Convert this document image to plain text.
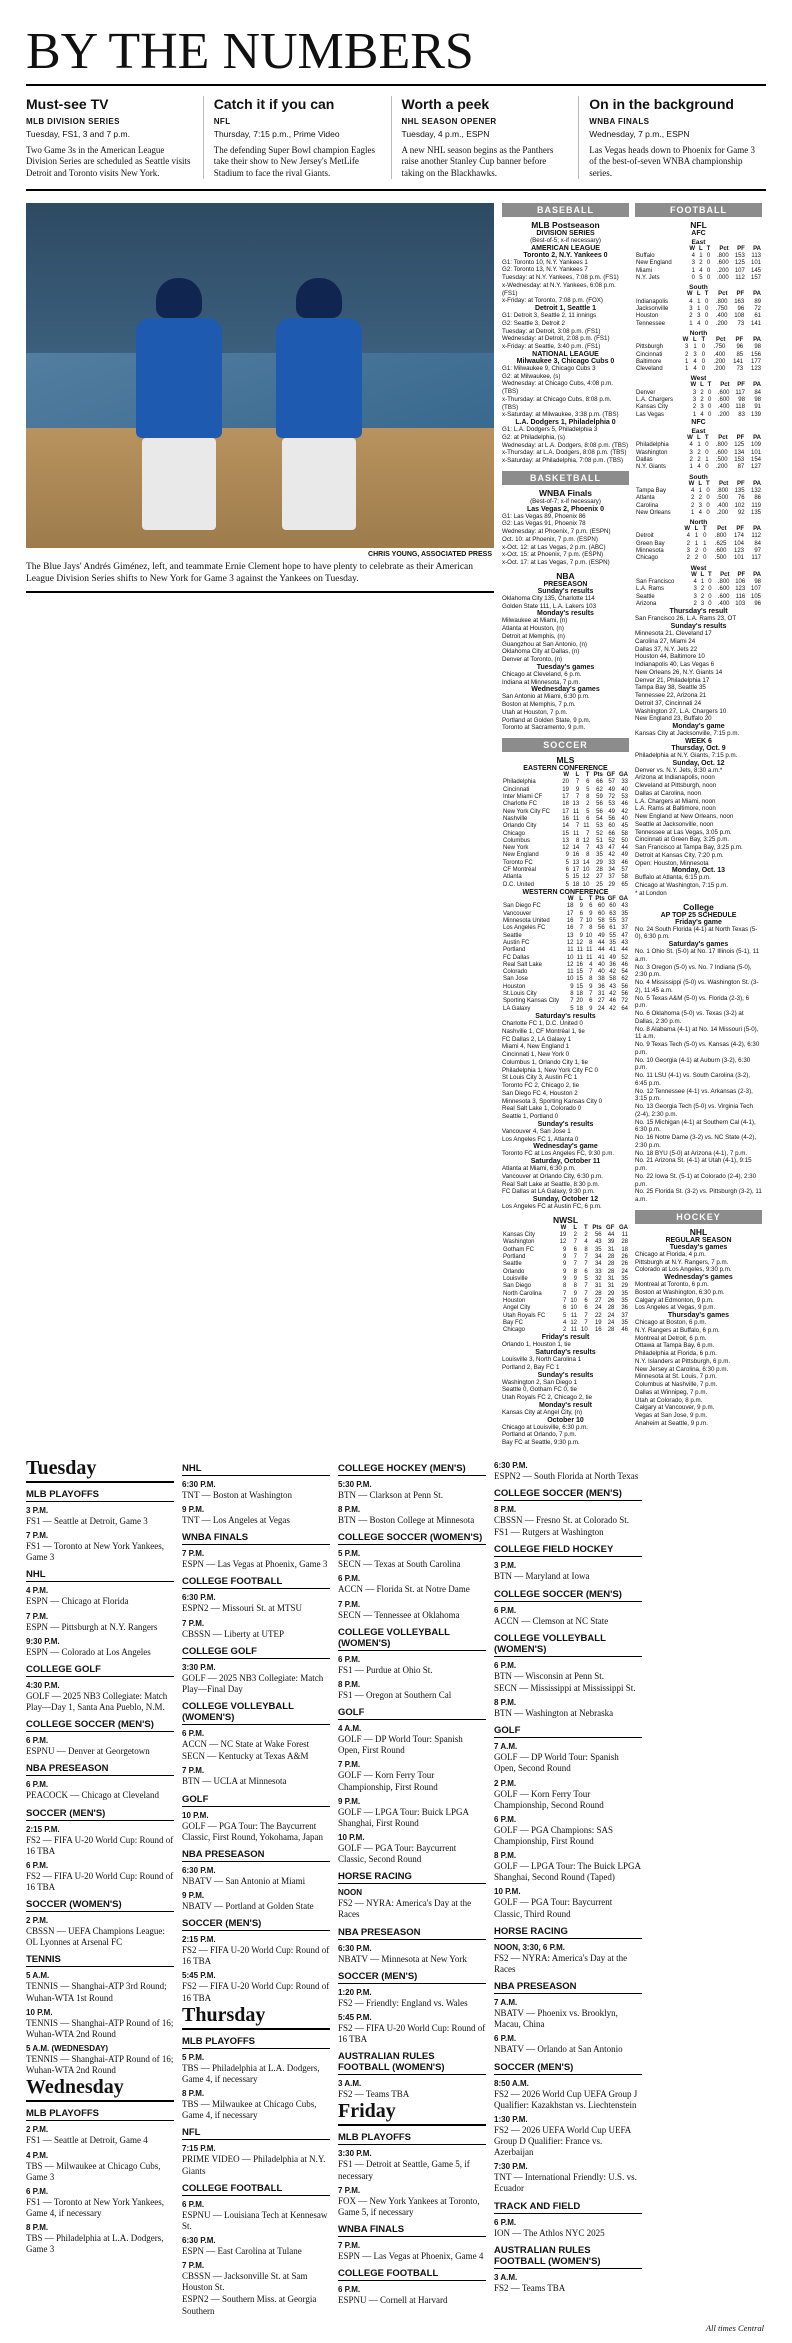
BY THE NUMBERS
Must-see TV
MLB DIVISION SERIES
Tuesday, FS1, 3 and 7 p.m.
Two Game 3s in the American League Division Series are scheduled as Seattle visits Detroit and Toronto visits New York.
Catch it if you can
NFL
Thursday, 7:15 p.m., Prime Video
The defending Super Bowl champion Eagles take their show to New Jersey's MetLife Stadium to face the rival Giants.
Worth a peek
NHL SEASON OPENER
Tuesday, 4 p.m., ESPN
A new NHL season begins as the Panthers raise another Stanley Cup banner before taking on the Blackhawks.
On in the background
WNBA FINALS
Wednesday, 7 p.m., ESPN
Las Vegas heads down to Phoenix for Game 3 of the best-of-seven WNBA championship series.
CHRIS YOUNG, ASSOCIATED PRESS
The Blue Jays' Andrés Giménez, left, and teammate Ernie Clement hope to have plenty to celebrate as their American League Division Series shifts to New York for Game 3 against the Yankees on Tuesday.
BASEBALL
MLB Postseason
DIVISION SERIES
(Best-of-5; x-if necessary)
AMERICAN LEAGUE
Toronto 2, N.Y. Yankees 0
G1: Toronto 10, N.Y. Yankees 1
G2: Toronto 13, N.Y. Yankees 7
Tuesday: at N.Y. Yankees, 7:08 p.m. (FS1)
x-Wednesday: at N.Y. Yankees, 6:08 p.m. (FS1)
x-Friday: at Toronto, 7:08 p.m. (FOX)
Detroit 1, Seattle 1
G1: Detroit 3, Seattle 2, 11 innings
G2: Seattle 3, Detroit 2
Tuesday: at Detroit, 3:08 p.m. (FS1)
Wednesday: at Detroit, 2:08 p.m. (FS1)
x-Friday: at Seattle, 3:40 p.m. (FS1)
NATIONAL LEAGUE
Milwaukee 3, Chicago Cubs 0
G1: Milwaukee 9, Chicago Cubs 3
G2: at Milwaukee, (s)
Wednesday: at Chicago Cubs, 4:08 p.m. (TBS)
x-Thursday: at Chicago Cubs, 8:08 p.m. (TBS)
x-Saturday: at Milwaukee, 3:38 p.m. (TBS)
L.A. Dodgers 1, Philadelphia 0
G1: L.A. Dodgers 5, Philadelphia 3
G2: at Philadelphia, (s)
Wednesday: at L.A. Dodgers, 8:08 p.m. (TBS)
x-Thursday: at L.A. Dodgers, 8:08 p.m. (TBS)
x-Saturday: at Philadelphia, 7:08 p.m. (TBS)
BASKETBALL
WNBA Finals
(Best-of-7; x-if necessary)
Las Vegas 2, Phoenix 0
G1: Las Vegas 89, Phoenix 86
G2: Las Vegas 91, Phoenix 78
Wednesday: at Phoenix, 7 p.m. (ESPN)
Oct. 10: at Phoenix, 7 p.m. (ESPN)
x-Oct. 12: at Las Vegas, 2 p.m. (ABC)
x-Oct. 15: at Phoenix, 7 p.m. (ESPN)
x-Oct. 17: at Las Vegas, 7 p.m. (ESPN)
NBA
PRESEASON
Sunday's results
Oklahoma City 135, Charlotte 114
Golden State 111, L.A. Lakers 103
Monday's results
Milwaukee at Miami, (n)
Atlanta at Houston, (n)
Detroit at Memphis, (n)
Guangzhou at San Antonio, (n)
Oklahoma City at Dallas, (n)
Denver at Toronto, (n)
Tuesday's games
Chicago at Cleveland, 6 p.m.
Indiana at Minnesota, 7 p.m.
Wednesday's games
San Antonio at Miami, 6:30 p.m.
Boston at Memphis, 7 p.m.
Utah at Houston, 7 p.m.
Portland at Golden State, 9 p.m.
Toronto at Sacramento, 9 p.m.
SOCCER
MLS
EASTERN CONFERENCE
	W	L	T	Pts	GF	GA
Philadelphia	20	7	6	66	57	33
Cincinnati	19	9	5	62	49	40
Inter Miami CF	17	7	8	59	72	53
Charlotte FC	18	13	2	56	53	46
New York City FC	17	11	5	56	49	42
Nashville	16	11	6	54	56	40
Orlando City	14	7	11	53	60	45
Chicago	15	11	7	52	66	58
Columbus	13	8	12	51	52	50
New York	12	14	7	43	47	44
New England	9	16	8	35	42	49
Toronto FC	5	13	14	29	33	46
CF Montréal	6	17	10	28	34	57
Atlanta	5	15	12	27	37	58
D.C. United	5	18	10	25	29	65
WESTERN CONFERENCE
	W	L	T	Pts	GF	GA
San Diego FC	18	9	6	60	60	43
Vancouver	17	6	9	60	63	35
Minnesota United	16	7	10	58	55	37
Los Angeles FC	16	7	8	56	61	37
Seattle	13	9	10	49	55	47
Austin FC	12	12	8	44	35	43
Portland	11	11	11	44	41	44
FC Dallas	10	11	11	41	49	52
Real Salt Lake	12	16	4	40	36	46
Colorado	11	15	7	40	42	54
San Jose	10	15	8	38	58	62
Houston	9	15	9	36	43	56
St.Louis City	8	18	7	31	42	56
Sporting Kansas City	7	20	6	27	46	72
LA Galaxy	5	18	9	24	42	64
Saturday's results
Charlotte FC 1, D.C. United 0
Nashville 1, CF Montréal 1, tie
FC Dallas 2, LA Galaxy 1
Miami 4, New England 1
Cincinnati 1, New York 0
Columbus 1, Orlando City 1, tie
Philadelphia 1, New York City FC 0
St Louis City 3, Austin FC 1
Toronto FC 2, Chicago 2, tie
San Diego FC 4, Houston 2
Minnesota 3, Sporting Kansas City 0
Real Salt Lake 1, Colorado 0
Seattle 1, Portland 0
Sunday's results
Vancouver 4, San Jose 1
Los Angeles FC 1, Atlanta 0
Wednesday's game
Toronto FC at Los Angeles FC, 9:30 p.m.
Saturday, October 11
Atlanta at Miami, 6:30 p.m.
Vancouver at Orlando City, 6:30 p.m.
Real Salt Lake at Seattle, 8:30 p.m.
FC Dallas at LA Galaxy, 9:30 p.m.
Sunday, October 12
Los Angeles FC at Austin FC, 6 p.m.
NWSL
	W	L	T	Pts	GF	GA
Kansas City	19	2	2	56	44	11
Washington	12	7	4	43	39	28
Gotham FC	9	6	8	35	31	18
Portland	9	7	7	34	28	26
Seattle	9	7	7	34	28	26
Orlando	9	8	6	33	28	24
Louisville	9	9	5	32	31	35
San Diego	8	8	7	31	31	29
North Carolina	7	9	7	28	29	35
Houston	7	10	6	27	26	35
Angel City	6	10	6	24	28	36
Utah Royals FC	5	11	7	22	24	37
Bay FC	4	12	7	19	24	35
Chicago	2	11	10	16	28	46
Friday's result
Orlando 1, Houston 1, tie
Saturday's results
Louisville 3, North Carolina 1
Portland 2, Bay FC 1
Sunday's results
Washington 2, San Diego 1
Seattle 0, Gotham FC 0, tie
Utah Royals FC 2, Chicago 2, tie
Monday's result
Kansas City at Angel City, (n)
October 10
Chicago at Louisville, 6:30 p.m.
Portland at Orlando, 7 p.m.
Bay FC at Seattle, 9:30 p.m.
FOOTBALL
NFL
AFC
East
	W	L	T	Pct	PF	PA
Buffalo	4	1	0	.800	153	113
New England	3	2	0	.600	125	101
Miami	1	4	0	.200	107	145
N.Y. Jets	0	5	0	.000	112	157
South
	W	L	T	Pct	PF	PA
Indianapolis	4	1	0	.800	163	89
Jacksonville	3	1	0	.750	96	72
Houston	2	3	0	.400	108	61
Tennessee	1	4	0	.200	73	141
North
	W	L	T	Pct	PF	PA
Pittsburgh	3	1	0	.750	96	98
Cincinnati	2	3	0	.400	85	156
Baltimore	1	4	0	.200	141	177
Cleveland	1	4	0	.200	73	123
West
	W	L	T	Pct	PF	PA
Denver	3	2	0	.600	117	84
L.A. Chargers	3	2	0	.600	98	98
Kansas City	2	3	0	.400	118	91
Las Vegas	1	4	0	.200	83	139
NFC
East
	W	L	T	Pct	PF	PA
Philadelphia	4	1	0	.800	125	109
Washington	3	2	0	.600	134	101
Dallas	2	2	1	.500	153	154
N.Y. Giants	1	4	0	.200	87	127
South
	W	L	T	Pct	PF	PA
Tampa Bay	4	1	0	.800	135	132
Atlanta	2	2	0	.500	76	86
Carolina	2	3	0	.400	102	119
New Orleans	1	4	0	.200	92	135
North
	W	L	T	Pct	PF	PA
Detroit	4	1	0	.800	174	112
Green Bay	2	1	1	.625	104	84
Minnesota	3	2	0	.600	123	97
Chicago	2	2	0	.500	101	117
West
	W	L	T	Pct	PF	PA
San Francisco	4	1	0	.800	106	98
L.A. Rams	3	2	0	.600	123	107
Seattle	3	2	0	.600	116	105
Arizona	2	3	0	.400	103	96
Thursday's result
San Francisco 26, L.A. Rams 23, OT
Sunday's results
Minnesota 21, Cleveland 17
Carolina 27, Miami 24
Dallas 37, N.Y. Jets 22
Houston 44, Baltimore 10
Indianapolis 40, Las Vegas 6
New Orleans 26, N.Y. Giants 14
Denver 21, Philadelphia 17
Tampa Bay 38, Seattle 35
Tennessee 22, Arizona 21
Detroit 37, Cincinnati 24
Washington 27, L.A. Chargers 10
New England 23, Buffalo 20
Monday's game
Kansas City at Jacksonville, 7:15 p.m.
WEEK 6
Thursday, Oct. 9
Philadelphia at N.Y. Giants, 7:15 p.m.
Sunday, Oct. 12
Denver vs. N.Y. Jets, 8:30 a.m.*
Arizona at Indianapolis, noon
Cleveland at Pittsburgh, noon
Dallas at Carolina, noon
L.A. Chargers at Miami, noon
L.A. Rams at Baltimore, noon
New England at New Orleans, noon
Seattle at Jacksonville, noon
Tennessee at Las Vegas, 3:05 p.m.
Cincinnati at Green Bay, 3:25 p.m.
San Francisco at Tampa Bay, 3:25 p.m.
Detroit at Kansas City, 7:20 p.m.
Open: Houston, Minnesota
Monday, Oct. 13
Buffalo at Atlanta, 6:15 p.m.
Chicago at Washington, 7:15 p.m.
* at London
College
AP TOP 25 SCHEDULE
Friday's game
No. 24 South Florida (4-1) at North Texas (5-0), 6:30 p.m.
Saturday's games
No. 1 Ohio St. (5-0) at No. 17 Illinois (5-1), 11 a.m.
No. 3 Oregon (5-0) vs. No. 7 Indiana (5-0), 2:30 p.m.
No. 4 Mississippi (5-0) vs. Washington St. (3-2), 11:45 a.m.
No. 5 Texas A&M (5-0) vs. Florida (2-3), 6 p.m.
No. 6 Oklahoma (5-0) vs. Texas (3-2) at Dallas, 2:30 p.m.
No. 8 Alabama (4-1) at No. 14 Missouri (5-0), 11 a.m.
No. 9 Texas Tech (5-0) vs. Kansas (4-2), 6:30 p.m.
No. 10 Georgia (4-1) at Auburn (3-2), 6:30 p.m.
No. 11 LSU (4-1) vs. South Carolina (3-2), 6:45 p.m.
No. 12 Tennessee (4-1) vs. Arkansas (2-3), 3:15 p.m.
No. 13 Georgia Tech (5-0) vs. Virginia Tech (2-4), 2:30 p.m.
No. 15 Michigan (4-1) at Southern Cal (4-1), 6:30 p.m.
No. 16 Notre Dame (3-2) vs. NC State (4-2), 2:30 p.m.
No. 18 BYU (5-0) at Arizona (4-1), 7 p.m.
No. 21 Arizona St. (4-1) at Utah (4-1), 9:15 p.m.
No. 22 Iowa St. (5-1) at Colorado (2-4), 2:30 p.m.
No. 25 Florida St. (3-2) vs. Pittsburgh (3-2), 11 a.m.
HOCKEY
NHL
REGULAR SEASON
Tuesday's games
Chicago at Florida, 4 p.m.
Pittsburgh at N.Y. Rangers, 7 p.m.
Colorado at Los Angeles, 9:30 p.m.
Wednesday's games
Montreal at Toronto, 6 p.m.
Boston at Washington, 6:30 p.m.
Calgary at Edmonton, 9 p.m.
Los Angeles at Vegas, 9 p.m.
Thursday's games
Chicago at Boston, 6 p.m.
N.Y. Rangers at Buffalo, 6 p.m.
Montreal at Detroit, 6 p.m.
Ottawa at Tampa Bay, 6 p.m.
Philadelphia at Florida, 6 p.m.
N.Y. Islanders at Pittsburgh, 6 p.m.
New Jersey at Carolina, 6:30 p.m.
Minnesota at St. Louis, 7 p.m.
Columbus at Nashville, 7 p.m.
Dallas at Winnipeg, 7 p.m.
Utah at Colorado, 8 p.m.
Calgary at Vancouver, 9 p.m.
Vegas at San Jose, 9 p.m.
Anaheim at Seattle, 9 p.m.
Tuesday
MLB PLAYOFFS
3 P.M.
FS1 — Seattle at Detroit, Game 3
7 P.M.
FS1 — Toronto at New York Yankees, Game 3
NHL
4 P.M.
ESPN — Chicago at Florida
7 P.M.
ESPN — Pittsburgh at N.Y. Rangers
9:30 P.M.
ESPN — Colorado at Los Angeles
COLLEGE GOLF
4:30 P.M.
GOLF — 2025 NB3 Collegiate: Match Play—Day 1, Santa Ana Pueblo, N.M.
COLLEGE SOCCER (MEN'S)
6 P.M.
ESPNU — Denver at Georgetown
NBA PRESEASON
6 P.M.
PEACOCK — Chicago at Cleveland
SOCCER (MEN'S)
2:15 P.M.
FS2 — FIFA U-20 World Cup: Round of 16 TBA
6 P.M.
FS2 — FIFA U-20 World Cup: Round of 16 TBA
SOCCER (WOMEN'S)
2 P.M.
CBSSN — UEFA Champions League: OL Lyonnes at Arsenal FC
TENNIS
5 A.M.
TENNIS — Shanghai-ATP 3rd Round; Wuhan-WTA 1st Round
10 P.M.
TENNIS — Shanghai-ATP Round of 16; Wuhan-WTA 2nd Round
5 A.M. (WEDNESDAY)
TENNIS — Shanghai-ATP Round of 16; Wuhan-WTA 2nd Round
Wednesday
MLB PLAYOFFS
2 P.M.
FS1 — Seattle at Detroit, Game 4
4 P.M.
TBS — Milwaukee at Chicago Cubs, Game 3
6 P.M.
FS1 — Toronto at New York Yankees, Game 4, if necessary
8 P.M.
TBS — Philadelphia at L.A. Dodgers, Game 3
NHL
6:30 P.M.
TNT — Boston at Washington
9 P.M.
TNT — Los Angeles at Vegas
WNBA FINALS
7 P.M.
ESPN — Las Vegas at Phoenix, Game 3
COLLEGE FOOTBALL
6:30 P.M.
ESPN2 — Missouri St. at MTSU
7 P.M.
CBSSN — Liberty at UTEP
COLLEGE GOLF
3:30 P.M.
GOLF — 2025 NB3 Collegiate: Match Play—Final Day
COLLEGE VOLLEYBALL (WOMEN'S)
6 P.M.
ACCN — NC State at Wake Forest
SECN — Kentucky at Texas A&M
7 P.M.
BTN — UCLA at Minnesota
GOLF
10 P.M.
GOLF — PGA Tour: The Baycurrent Classic, First Round, Yokohama, Japan
NBA PRESEASON
6:30 P.M.
NBATV — San Antonio at Miami
9 P.M.
NBATV — Portland at Golden State
SOCCER (MEN'S)
2:15 P.M.
FS2 — FIFA U-20 World Cup: Round of 16 TBA
5:45 P.M.
FS2 — FIFA U-20 World Cup: Round of 16 TBA
Thursday
MLB PLAYOFFS
5 P.M.
TBS — Philadelphia at L.A. Dodgers, Game 4, if necessary
8 P.M.
TBS — Milwaukee at Chicago Cubs, Game 4, if necessary
NFL
7:15 P.M.
PRIME VIDEO — Philadelphia at N.Y. Giants
COLLEGE FOOTBALL
6 P.M.
ESPNU — Louisiana Tech at Kennesaw St.
6:30 P.M.
ESPN — East Carolina at Tulane
7 P.M.
CBSSN — Jacksonville St. at Sam Houston St.
ESPN2 — Southern Miss. at Georgia Southern
COLLEGE HOCKEY (MEN'S)
5:30 P.M.
BTN — Clarkson at Penn St.
8 P.M.
BTN — Boston College at Minnesota
COLLEGE SOCCER (WOMEN'S)
5 P.M.
SECN — Texas at South Carolina
6 P.M.
ACCN — Florida St. at Notre Dame
7 P.M.
SECN — Tennessee at Oklahoma
COLLEGE VOLLEYBALL (WOMEN'S)
6 P.M.
FS1 — Purdue at Ohio St.
8 P.M.
FS1 — Oregon at Southern Cal
GOLF
4 A.M.
GOLF — DP World Tour: Spanish Open, First Round
7 P.M.
GOLF — Korn Ferry Tour Championship, First Round
9 P.M.
GOLF — LPGA Tour: Buick LPGA Shanghai, First Round
10 P.M.
GOLF — PGA Tour: Baycurrent Classic, Second Round
HORSE RACING
NOON
FS2 — NYRA: America's Day at the Races
NBA PRESEASON
6:30 P.M.
NBATV — Minnesota at New York
SOCCER (MEN'S)
1:20 P.M.
FS2 — Friendly: England vs. Wales
5:45 P.M.
FS2 — FIFA U-20 World Cup: Round of 16 TBA
AUSTRALIAN RULES FOOTBALL (WOMEN'S)
3 A.M.
FS2 — Teams TBA
Friday
MLB PLAYOFFS
3:30 P.M.
FS1 — Detroit at Seattle, Game 5, if necessary
7 P.M.
FOX — New York Yankees at Toronto, Game 5, if necessary
WNBA FINALS
7 P.M.
ESPN — Las Vegas at Phoenix, Game 4
COLLEGE FOOTBALL
6 P.M.
ESPNU — Cornell at Harvard
6:30 P.M.
ESPN2 — South Florida at North Texas
COLLEGE SOCCER (MEN'S)
8 P.M.
CBSSN — Fresno St. at Colorado St.
FS1 — Rutgers at Washington
COLLEGE FIELD HOCKEY
3 P.M.
BTN — Maryland at Iowa
COLLEGE SOCCER (MEN'S)
6 P.M.
ACCN — Clemson at NC State
COLLEGE VOLLEYBALL (WOMEN'S)
6 P.M.
BTN — Wisconsin at Penn St.
SECN — Mississippi at Mississippi St.
8 P.M.
BTN — Washington at Nebraska
GOLF
7 A.M.
GOLF — DP World Tour: Spanish Open, Second Round
2 P.M.
GOLF — Korn Ferry Tour Championship, Second Round
6 P.M.
GOLF — PGA Champions: SAS Championship, First Round
8 P.M.
GOLF — LPGA Tour: The Buick LPGA Shanghai, Second Round (Taped)
10 P.M.
GOLF — PGA Tour: Baycurrent Classic, Third Round
HORSE RACING
NOON, 3:30, 6 P.M.
FS2 — NYRA: America's Day at the Races
NBA PRESEASON
7 A.M.
NBATV — Phoenix vs. Brooklyn, Macau, China
6 P.M.
NBATV — Orlando at San Antonio
SOCCER (MEN'S)
8:50 A.M.
FS2 — 2026 World Cup UEFA Group J Qualifier: Kazakhstan vs. Liechtenstein
1:30 P.M.
FS2 — 2026 UEFA World Cup UEFA Group D Qualifier: France vs. Azerbaijan
7:30 P.M.
TNT — International Friendly: U.S. vs. Ecuador
TRACK AND FIELD
6 P.M.
ION — The Athlos NYC 2025
AUSTRALIAN RULES FOOTBALL (WOMEN'S)
3 A.M.
FS2 — Teams TBA
All times Central
